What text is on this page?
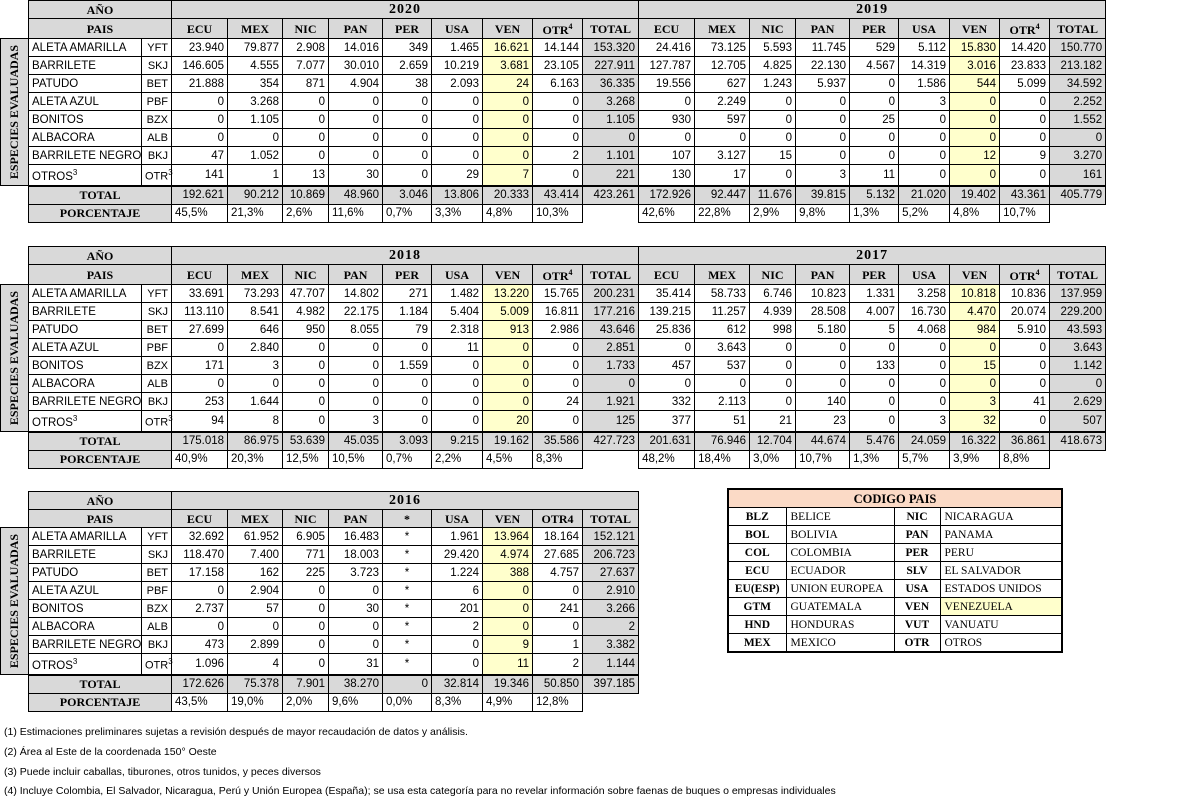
	AÑO		2020									2019								
	PAIS		ECU	MEX	NIC	PAN	PER	USA	VEN	OTR$^4$	TOTAL	ECU	MEX	NIC	PAN	PER	USA	VEN	OTR$^4$	TOTAL

ESPECIES EVALUADAS	ALETA AMARILLA	YFT	23.940	79.877	2.908	14.016	349	1.465	16.621	14.144	153.320	24.416	73.125	5.593	11.745	529	5.112	15.830	14.420	150.770
	BARRILETE	SKJ	146.605	4.555	7.077	30.010	2.659	10.219	3.681	23.105	227.911	127.787	12.705	4.825	22.130	4.567	14.319	3.016	23.833	213.182
	PATUDO	BET	21.888	354	871	4.904	38	2.093	24	6.163	36.335	19.556	627	1.243	5.937	0	1.586	544	5.099	34.592
	ALETA AZUL	PBF	0	3.268	0	0	0	0	0	0	3.268	0	2.249	0	0	0	3	0	0	2.252
	BONITOS	BZX	0	1.105	0	0	0	0	0	0	1.105	930	597	0	0	25	0	0	0	1.552
	ALBACORA	ALB	0	0	0	0	0	0	0	0	0	0	0	0	0	0	0	0	0	0
	BARRILETE NEGRO	BKJ	47	1.052	0	0	0	0	0	2	1.101	107	3.127	15	0	0	0	12	9	3.270
	OTROS$^3$	OTR$^3$	141	1	13	30	0	29	7	0	221	130	17	0	3	11	0	0	0	161
	TOTAL		192.621	90.212	10.869	48.960	3.046	13.806	20.333	43.414	423.261	172.926	92.447	11.676	39.815	5.132	21.020	19.402	43.361	405.779
	PORCENTAJE		45,5%	21,3%	2,6%	11,6%	0,7%	3,3%	4,8%	10,3%		42,6%	22,8%	2,9%	9,8%	1,3%	5,2%	4,8%	10,7%	
	AÑO		2018									2017								
	PAIS		ECU	MEX	NIC	PAN	PER	USA	VEN	OTR$^4$	TOTAL	ECU	MEX	NIC	PAN	PER	USA	VEN	OTR$^4$	TOTAL

ESPECIES EVALUADAS	ALETA AMARILLA	YFT	33.691	73.293	47.707	14.802	271	1.482	13.220	15.765	200.231	35.414	58.733	6.746	10.823	1.331	3.258	10.818	10.836	137.959
	BARRILETE	SKJ	113.110	8.541	4.982	22.175	1.184	5.404	5.009	16.811	177.216	139.215	11.257	4.939	28.508	4.007	16.730	4.470	20.074	229.200
	PATUDO	BET	27.699	646	950	8.055	79	2.318	913	2.986	43.646	25.836	612	998	5.180	5	4.068	984	5.910	43.593
	ALETA AZUL	PBF	0	2.840	0	0	0	11	0	0	2.851	0	3.643	0	0	0	0	0	0	3.643
	BONITOS	BZX	171	3	0	0	1.559	0	0	0	1.733	457	537	0	0	133	0	15	0	1.142
	ALBACORA	ALB	0	0	0	0	0	0	0	0	0	0	0	0	0	0	0	0	0	0
	BARRILETE NEGRO	BKJ	253	1.644	0	0	0	0	0	24	1.921	332	2.113	0	140	0	0	3	41	2.629
	OTROS$^3$	OTR$^3$	94	8	0	3	0	0	20	0	125	377	51	21	23	0	3	32	0	507
	TOTAL		175.018	86.975	53.639	45.035	3.093	9.215	19.162	35.586	427.723	201.631	76.946	12.704	44.674	5.476	24.059	16.322	36.861	418.673
	PORCENTAJE		40,9%	20,3%	12,5%	10,5%	0,7%	2,2%	4,5%	8,3%		48,2%	18,4%	3,0%	10,7%	1,3%	5,7%	3,9%	8,8%	
	AÑO		2016								
	PAIS		ECU	MEX	NIC	PAN	*	USA	VEN	OTR4	TOTAL

ESPECIES EVALUADAS	ALETA AMARILLA	YFT	32.692	61.952	6.905	16.483	*	1.961	13.964	18.164	152.121
	BARRILETE	SKJ	118.470	7.400	771	18.003	*	29.420	4.974	27.685	206.723
	PATUDO	BET	17.158	162	225	3.723	*	1.224	388	4.757	27.637
	ALETA AZUL	PBF	0	2.904	0	0	*	6	0	0	2.910
	BONITOS	BZX	2.737	57	0	30	*	201	0	241	3.266
	ALBACORA	ALB	0	0	0	0	*	2	0	0	2
	BARRILETE NEGRO	BKJ	473	2.899	0	0	*	0	9	1	3.382
	OTROS$^3$	OTR$^3$	1.096	4	0	31	*	0	11	2	1.144
	TOTAL		172.626	75.378	7.901	38.270	0	32.814	19.346	50.850	397.185
	PORCENTAJE		43,5%	19,0%	2,0%	9,6%	0,0%	8,3%	4,9%	12,8%	
CODIGO PAIS			
BLZ	BELICE	NIC	NICARAGUA
BOL	BOLIVIA	PAN	PANAMA
COL	COLOMBIA	PER	PERU
ECU	ECUADOR	SLV	EL SALVADOR
EU(ESP)	UNION EUROPEA	USA	ESTADOS UNIDOS
GTM	GUATEMALA	VEN	VENEZUELA
HND	HONDURAS	VUT	VANUATU
MEX	MEXICO	OTR	OTROS
(1) Estimaciones preliminares sujetas a revisión después de mayor recaudación de datos y análisis.
(2) Área al Este de la coordenada 150° Oeste
(3) Puede incluir caballas, tiburones, otros tunidos, y peces diversos
(4) Incluye Colombia, El Salvador, Nicaragua, Perú y Unión Europea (España); se usa esta categoría para no revelar información sobre faenas de buques o empresas individuales
